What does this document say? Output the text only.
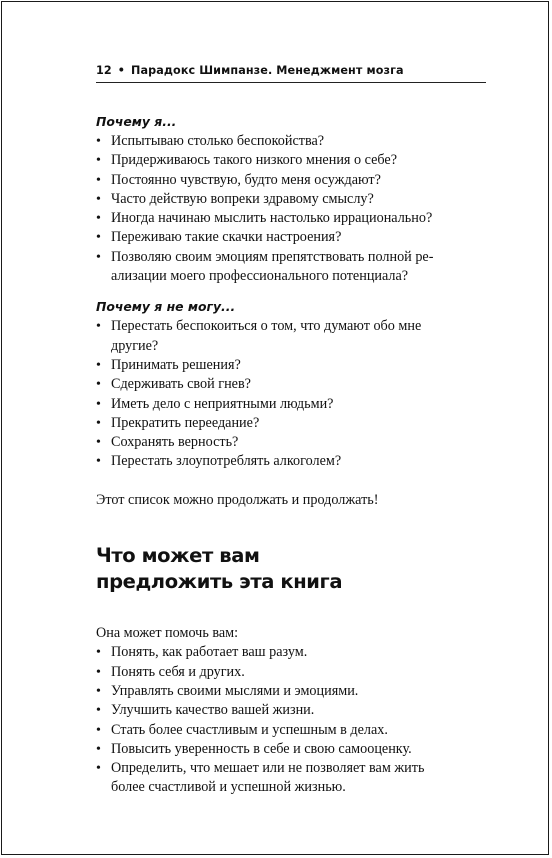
12 • Парадокс Шимпанзе. Менеджмент мозга
Почему я...
• Испытываю столько беспокойства?
• Придерживаюсь такого низкого мнения о себе?
• Постоянно чувствую, будто меня осуждают?
• Часто действую вопреки здравому смыслу?
• Иногда начинаю мыслить настолько иррационально?
• Переживаю такие скачки настроения?
• Позволяю своим эмоциям препятствовать полной ре-
ализации моего профессионального потенциала?
Почему я не могу...
• Перестать беспокоиться о том, что думают обо мне
другие?
• Принимать решения?
• Сдерживать свой гнев?
• Иметь дело с неприятными людьми?
• Прекратить переедание?
• Сохранять верность?
• Перестать злоупотреблять алкоголем?

Этот список можно продолжать и продолжать!

Что может вам
предложить эта книга

Она может помочь вам:

• Понять, как работает ваш разум.
• Понять себя и других.
• Управлять своими мыслями и эмоциями.
• Улучшить качество вашей жизни.
• Стать более счастливым и успешным в делах.
• Повысить уверенность в себе и свою самооценку.
• Определить, что мешает или не позволяет вам жить
более счастливой и успешной жизнью.
